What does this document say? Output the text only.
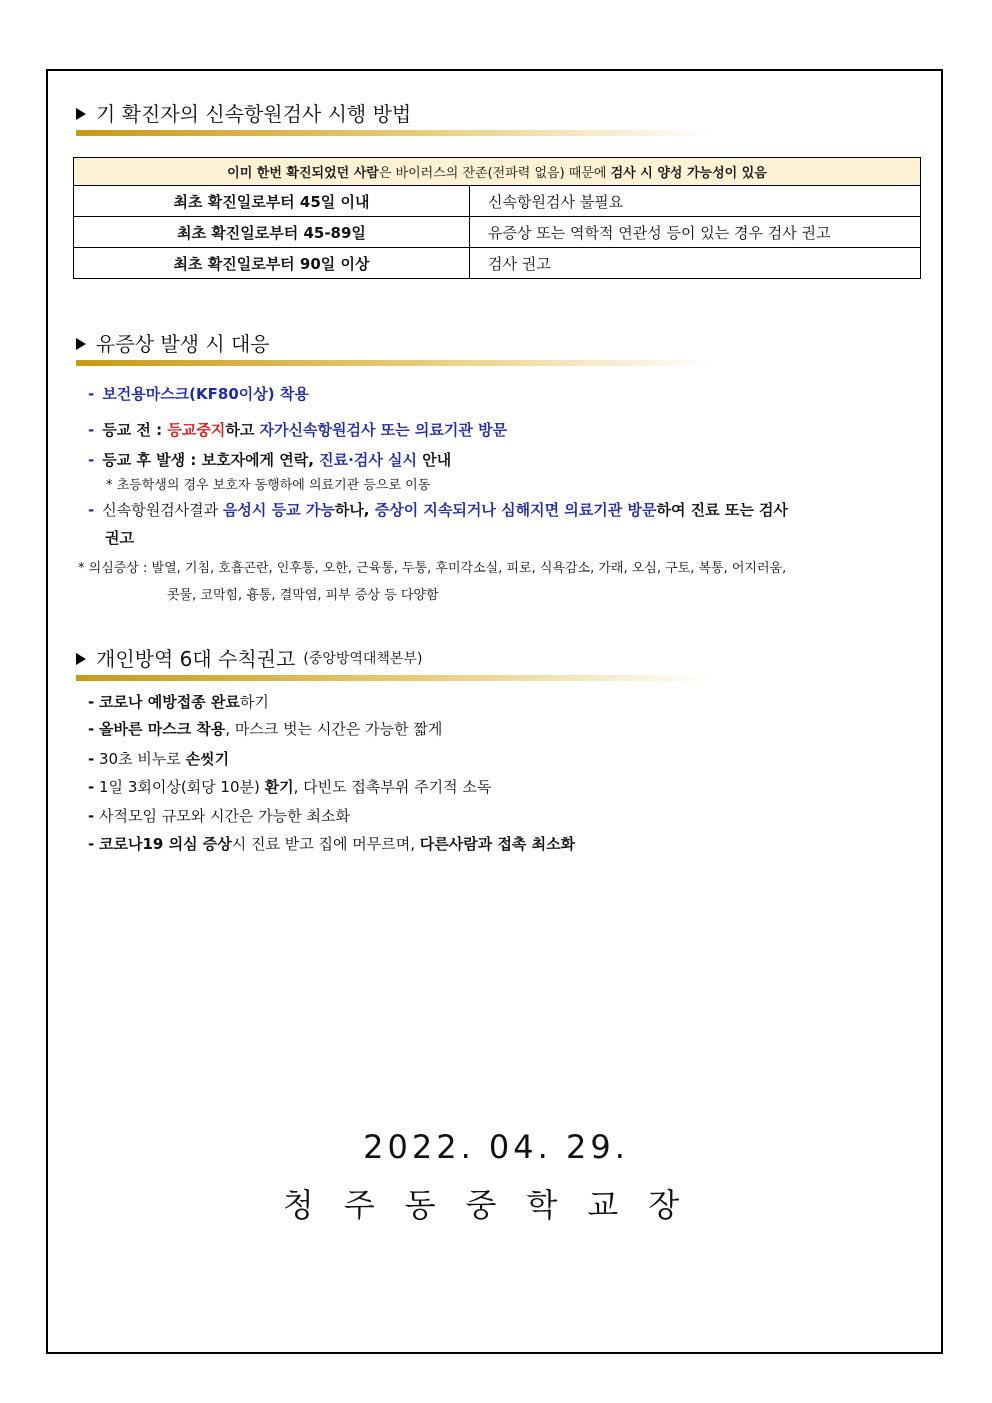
기 확진자의 신속항원검사 시행 방법
이미 한번 확진되었던 사람은 바이러스의 잔존(전파력 없음) 때문에 검사 시 양성 가능성이 있음	
최초 확진일로부터 45일 이내	신속항원검사 불필요
최초 확진일로부터 45-89일	유증상 또는 역학적 연관성 등이 있는 경우 검사 권고
최초 확진일로부터 90일 이상	검사 권고
유증상 발생 시 대응
- 보건용마스크(KF80이상) 착용
- 등교 전 : 등교중지하고 자가신속항원검사 또는 의료기관 방문
- 등교 후 발생 : 보호자에게 연락, 진료·검사 실시 안내
* 초등학생의 경우 보호자 동행하에 의료기관 등으로 이동
- 신속항원검사결과 음성시 등교 가능하나, 증상이 지속되거나 심해지면 의료기관 방문하여 진료 또는 검사
권고
* 의심증상 : 발열, 기침, 호흡곤란, 인후통, 오한, 근육통, 두통, 후미각소실, 피로, 식욕감소, 가래, 오심, 구토, 복통, 어지러움,
콧물, 코막힘, 흉통, 결막염, 피부 증상 등 다양함
개인방역 6대 수칙권고 (중앙방역대책본부)
- 코로나 예방접종 완료하기
- 올바른 마스크 착용, 마스크 벗는 시간은 가능한 짧게
- 30초 비누로 손씻기
- 1일 3회이상(회당 10분) 환기, 다빈도 접촉부위 주기적 소독
- 사적모임 규모와 시간은 가능한 최소화
- 코로나19 의심 증상시 진료 받고 집에 머무르며, 다른사람과 접촉 최소화
2022. 04. 29.
청주동중학교장
